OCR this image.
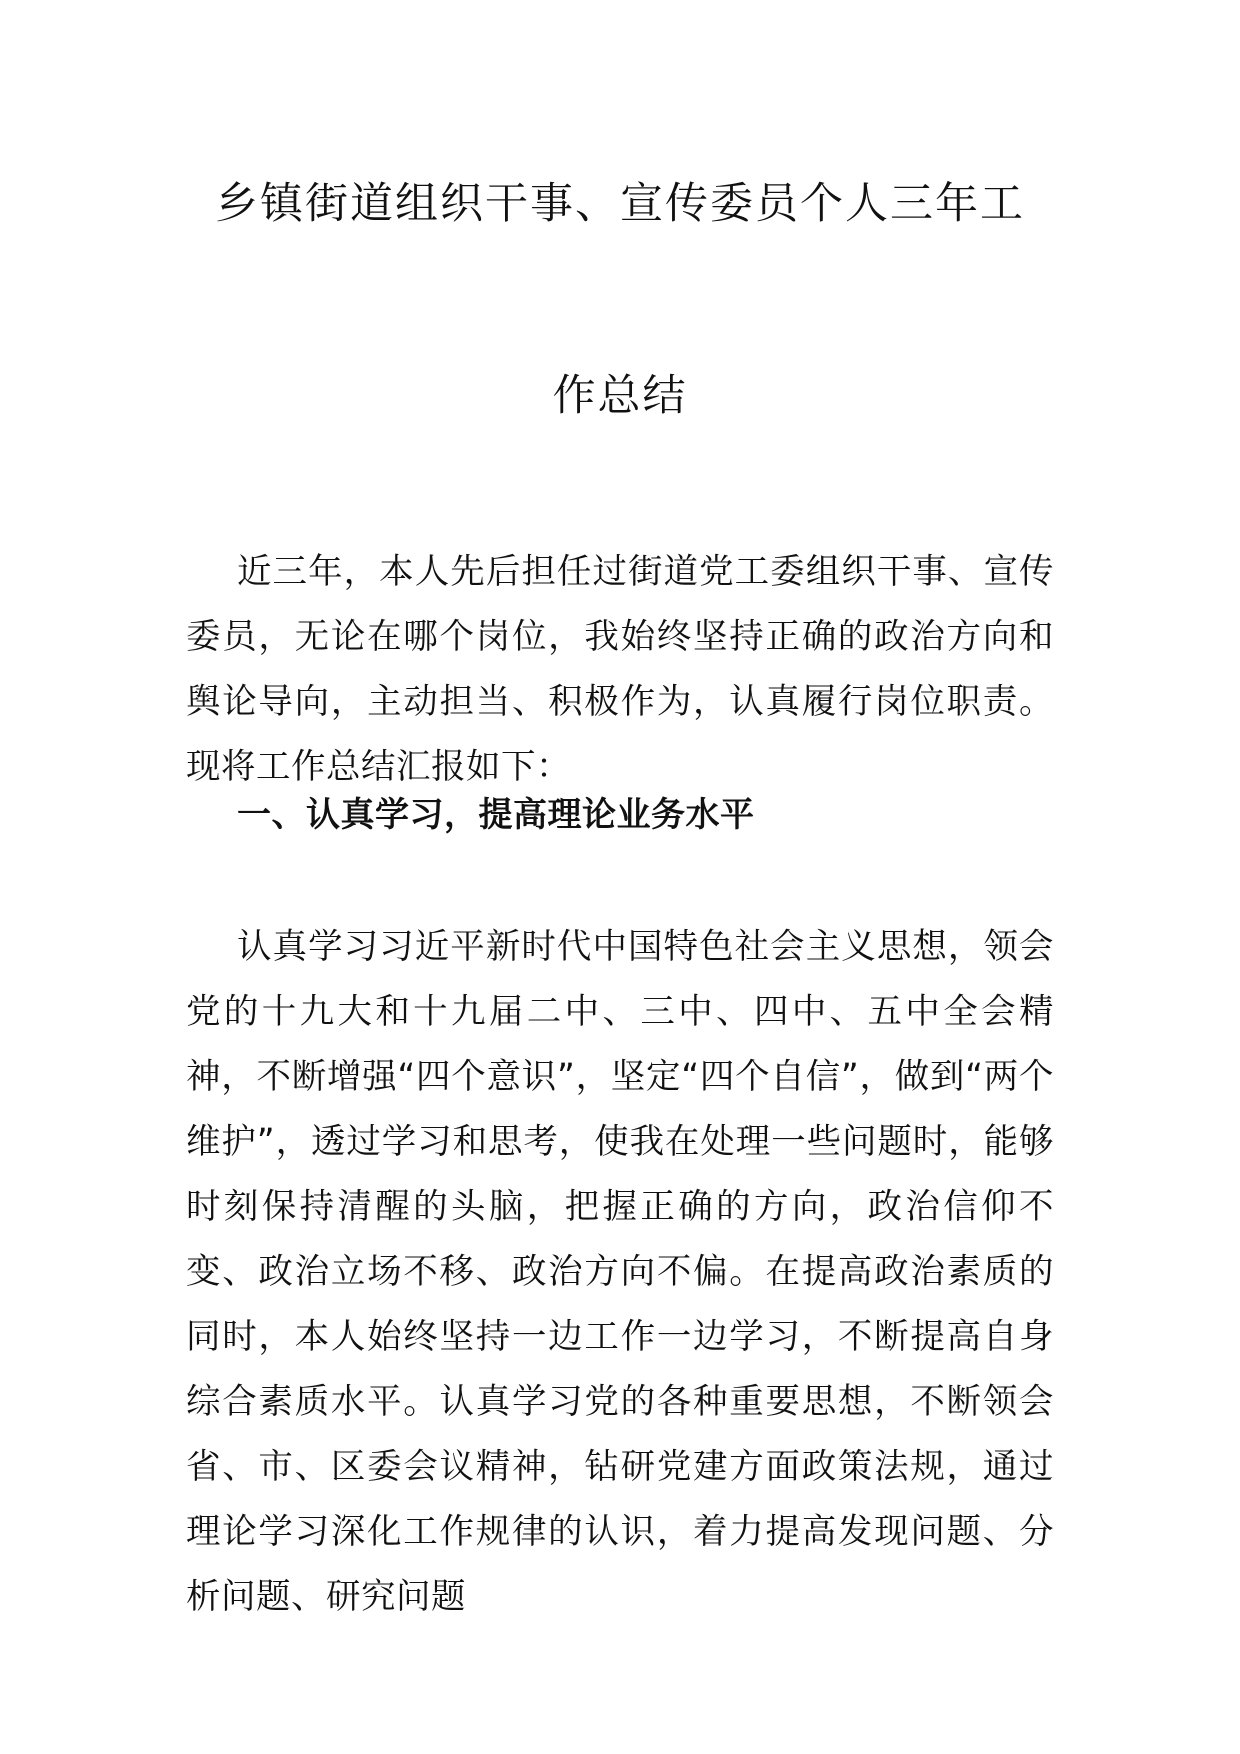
乡镇街道组织干事、宣传委员个人三年工
作总结

近三年，本人先后担任过街道党工委组织干事、宣传委员，无论在哪个岗位，我始终坚持正确的政治方向和舆论导向，主动担当、积极作为，认真履行岗位职责。现将工作总结汇报如下：

一、认真学习，提高理论业务水平

认真学习习近平新时代中国特色社会主义思想，领会党的十九大和十九届二中、三中、四中、五中全会精神，不断增强“四个意识”，坚定“四个自信”，做到“两个维护”，透过学习和思考，使我在处理一些问题时，能够时刻保持清醒的头脑，把握正确的方向，政治信仰不变、政治立场不移、政治方向不偏。在提高政治素质的同时，本人始终坚持一边工作一边学习，不断提高自身综合素质水平。认真学习党的各种重要思想，不断领会省、市、区委会议精神，钻研党建方面政策法规，通过理论学习深化工作规律的认识，着力提高发现问题、分析问题、研究问题
